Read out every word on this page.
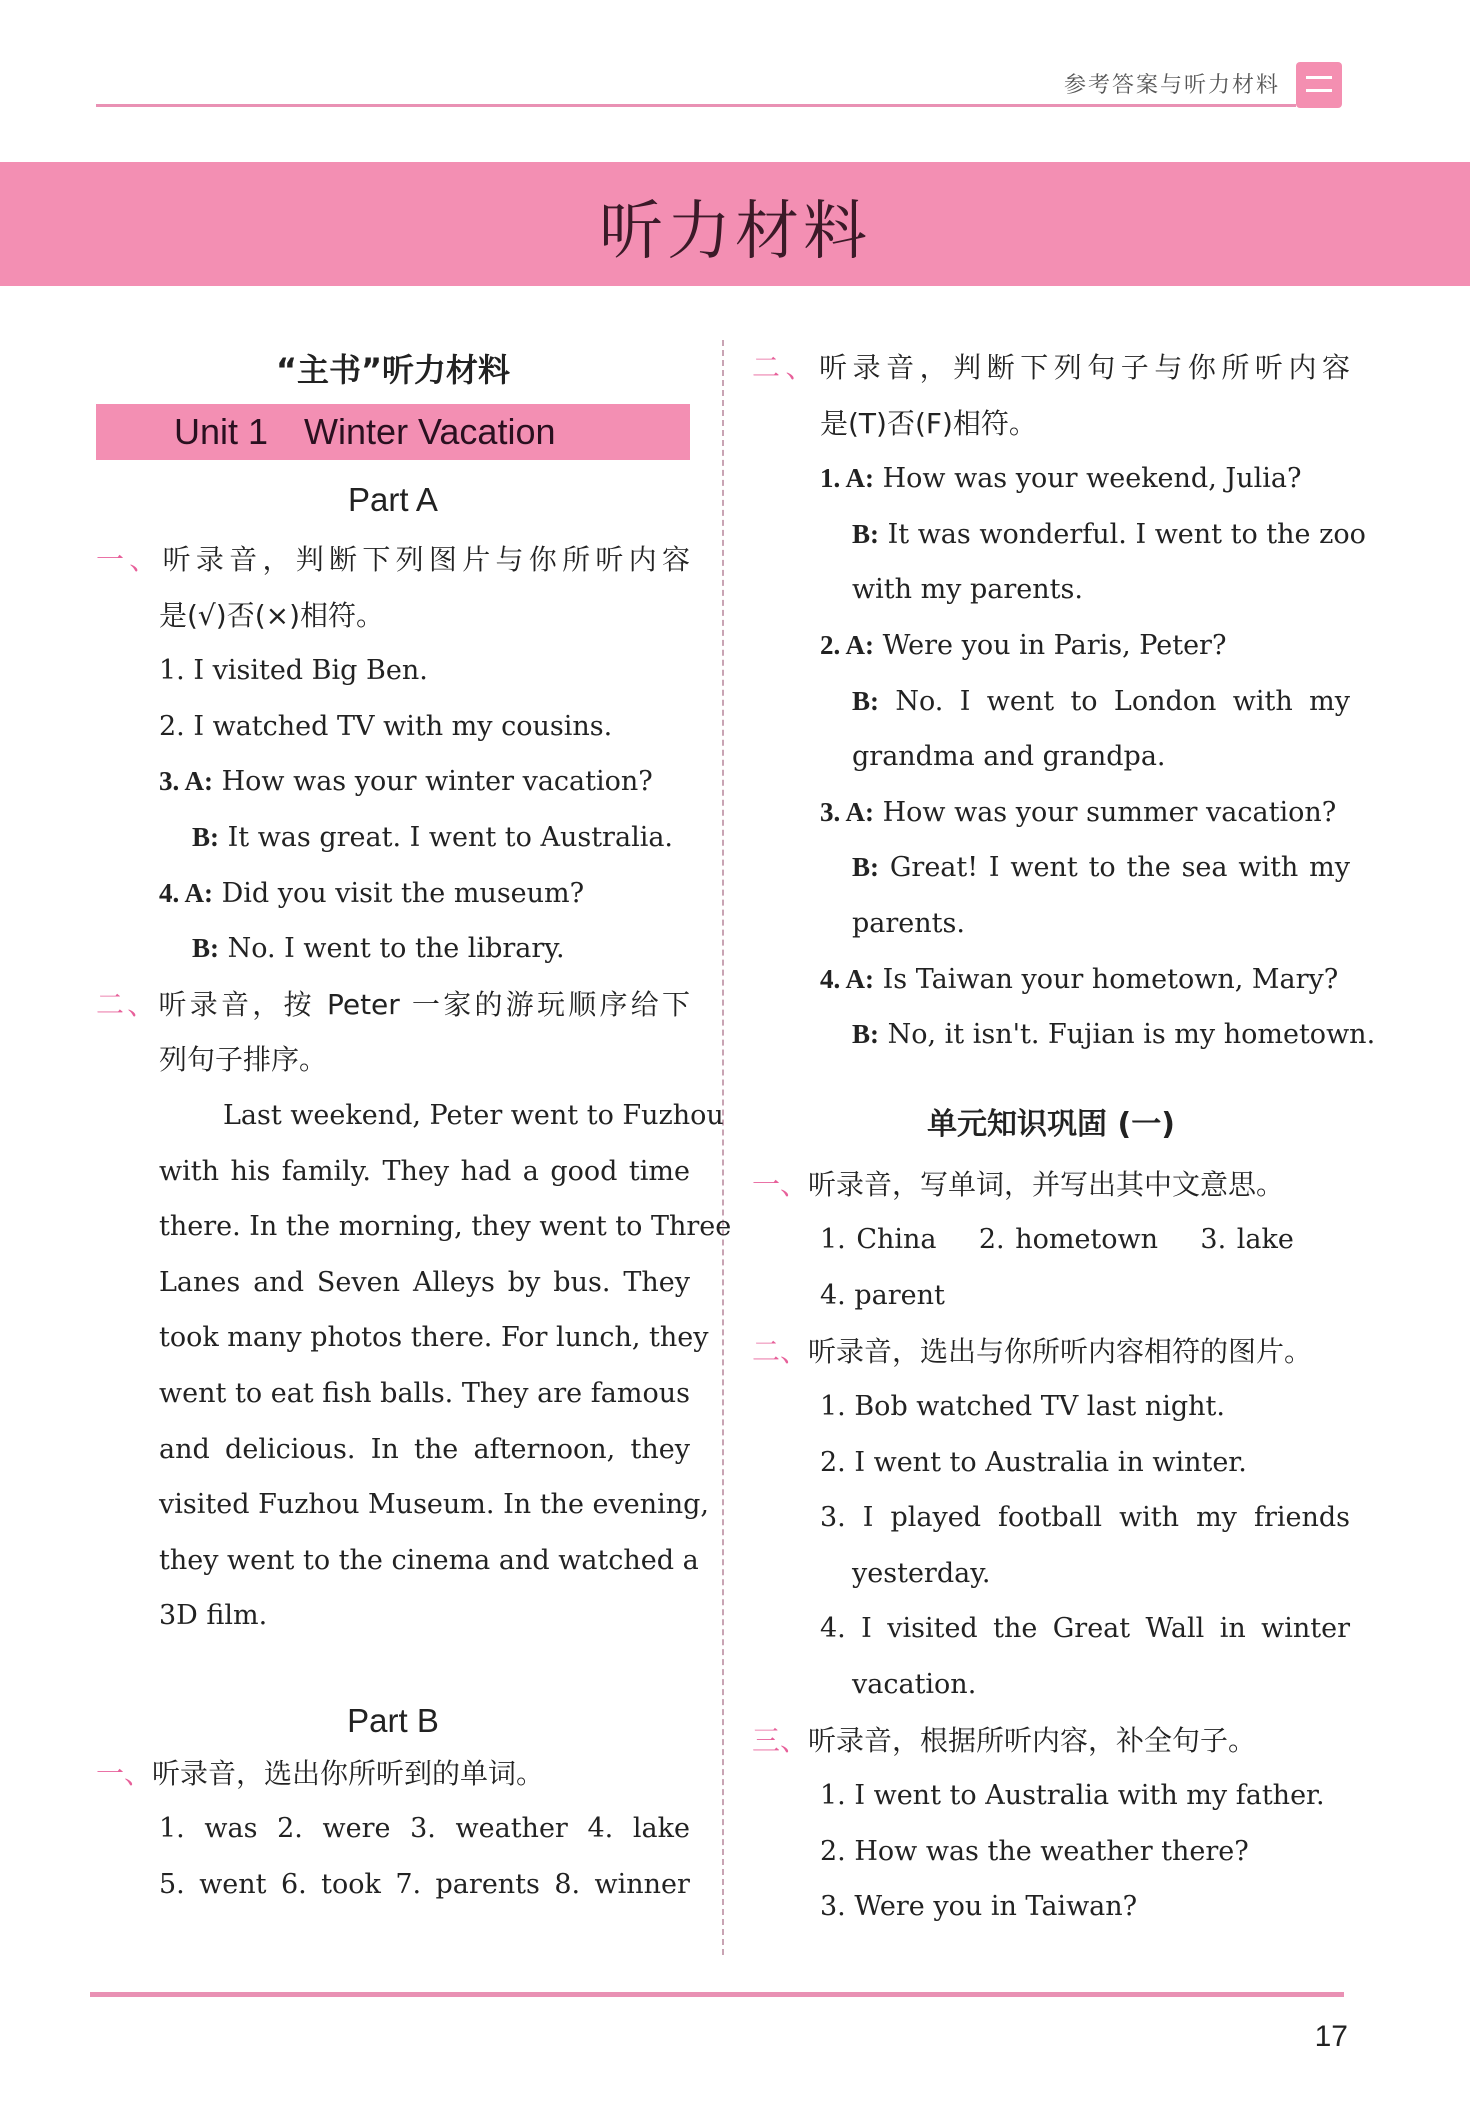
参考答案与听力材料
听力材料
“主书”听力材料
Unit 1 Winter Vacation
Part A
一、听录音，判断下列图片与你所听内容
是(√)否(×)相符。
1. I visited Big Ben.
2. I watched TV with my cousins.
3. A: How was your winter vacation?
B: It was great. I went to Australia.
4. A: Did you visit the museum?
B: No. I went to the library.
二、听录音，按 Peter 一家的游玩顺序给下
列句子排序。
Last weekend, Peter went to Fuzhou
with his family. They had a good time
there. In the morning, they went to Three
Lanes and Seven Alleys by bus. They
took many photos there. For lunch, they
went to eat fish balls. They are famous
and delicious. In the afternoon, they
visited Fuzhou Museum. In the evening,
they went to the cinema and watched a
3D film.
Part B
一、听录音，选出你所听到的单词。
1. was 2. were 3. weather 4. lake
5. went 6. took 7. parents 8. winner
二、听录音，判断下列句子与你所听内容
是(T)否(F)相符。
1. A: How was your weekend, Julia?
B: It was wonderful. I went to the zoo
with my parents.
2. A: Were you in Paris, Peter?
B: No. I went to London with my
grandma and grandpa.
3. A: How was your summer vacation?
B: Great! I went to the sea with my
parents.
4. A: Is Taiwan your hometown, Mary?
B: No, it isn't. Fujian is my hometown.
单元知识巩固 (一)
一、听录音，写单词，并写出其中文意思。
1. China 2. hometown 3. lake
4. parent
二、听录音，选出与你所听内容相符的图片。
1. Bob watched TV last night.
2. I went to Australia in winter.
3. I played football with my friends
yesterday.
4. I visited the Great Wall in winter
vacation.
三、听录音，根据所听内容，补全句子。
1. I went to Australia with my father.
2. How was the weather there?
3. Were you in Taiwan?
17
